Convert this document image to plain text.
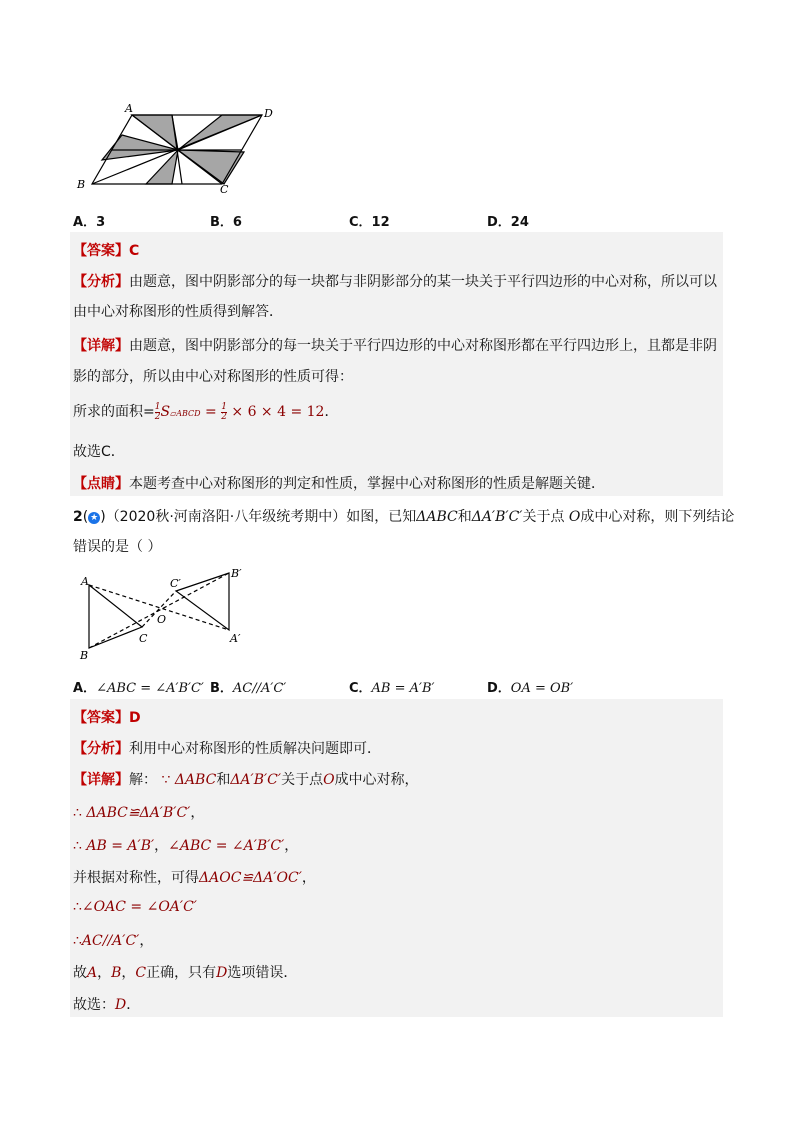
A	D
B	C
A．3	B．6	C．12	D．24
【答案】C
【分析】由题意，图中阴影部分的每一块都与非阴影部分的某一块关于平行四边形的中心对称，所以可以
由中心对称图形的性质得到解答．
【详解】由题意，图中阴影部分的每一块关于平行四边形的中心对称图形都在平行四边形上，且都是非阴
影的部分，所以由中心对称图形的性质可得：
所求的面积= $\frac{1}{2}$ S▱ABCD = $\frac{1}{2} \times 6 \times 4 = 12$．
故选C．
【点睛】本题考查中心对称图形的判定和性质，掌握中心对称图形的性质是解题关键．
2( ★ )（2020秋·河南洛阳·八年级统考期中）如图，已知ΔABC和ΔA′B′C′关于点 O成中心对称，则下列结论
错误的是（ ）
A
B
C
O
A′
B′
C′
A．∠ABC = ∠A′B′C′ B．AC//A′C′	C．AB = A′B′	D．OA = OB′
【答案】D
【分析】利用中心对称图形的性质解决问题即可．
【详解】解： ∵ ΔABC和ΔA′B′C′关于点O成中心对称，
∴ ΔABC≌ΔA′B′C′，
∴ AB = A′B′，∠ABC = ∠A′B′C′，
并根据对称性，可得ΔAOC≌ΔA′OC′，
∴∠OAC = ∠OA′C′
∴AC//A′C′，
故A，B，C正确，只有D选项错误．
故选：D．
